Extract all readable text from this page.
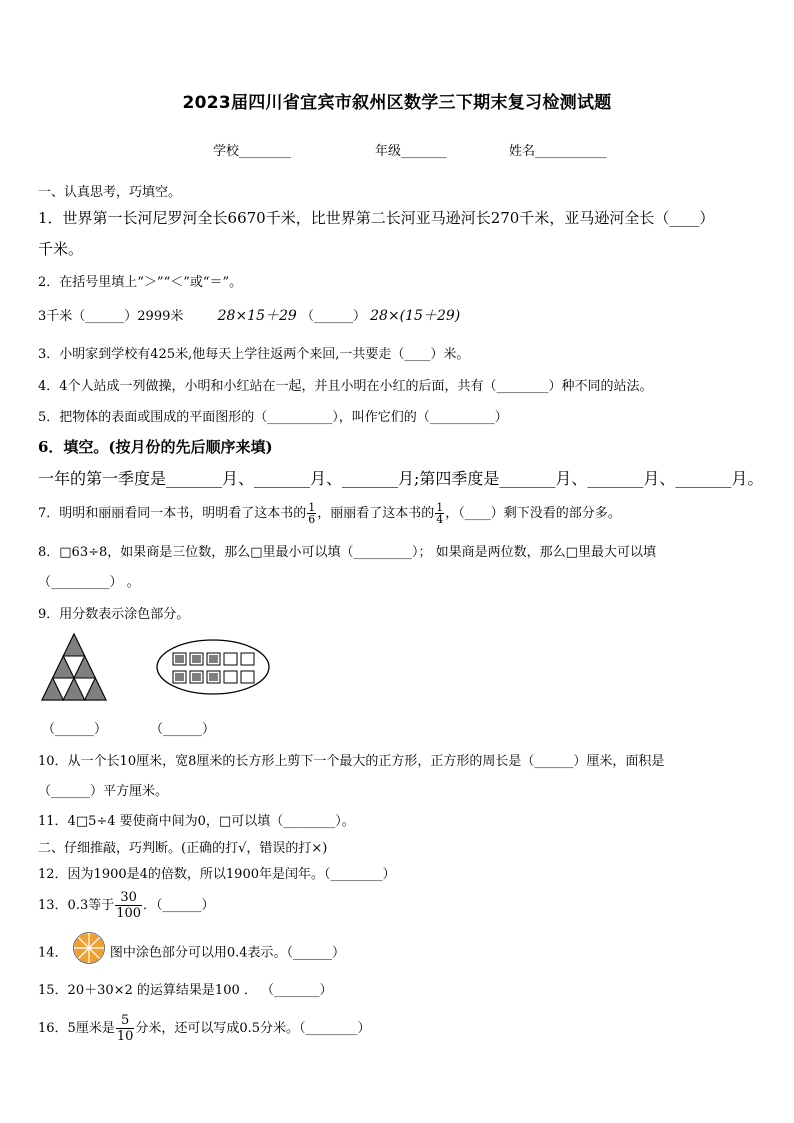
2023届四川省宜宾市叙州区数学三下期末复习检测试题
学校________	年级_______	姓名___________
一、认真思考，巧填空。
1．世界第一长河尼罗河全长6670千米，比世界第二长河亚马逊河长270千米，亚马逊河全长（____）
千米。
2．在括号里填上“＞”“＜”或“＝”。
3千米（______）2999米 28×15＋29 （______） 28×(15＋29)
3．小明家到学校有425米,他每天上学往返两个来回,一共要走（____）米。
4．4个人站成一列做操，小明和小红站在一起，并且小明在小红的后面，共有（________）种不同的站法。
5．把物体的表面或围成的平面图形的（__________），叫作它们的（__________）
6．填空。(按月份的先后顺序来填)
一年的第一季度是_______月、_______月、_______月;第四季度是_______月、_______月、_______月。
7．明明和丽丽看同一本书，明明看了这本书的 $\frac{1}{6}$ ，丽丽看了这本书的 $\frac{1}{4}$ ，（____）剩下没看的部分多。
8．□63÷8，如果商是三位数，那么□里最小可以填（_________）； 如果商是两位数，那么□里最大可以填
（_________） 。
9．用分数表示涂色部分。
（______）	（______）
10．从一个长10厘米，宽8厘米的长方形上剪下一个最大的正方形，正方形的周长是（______）厘米，面积是
（______）平方厘米。
11．4□5÷4 要使商中间为0，□可以填（________）。
二、仔细推敲，巧判断。(正确的打√，错误的打×)
12．因为1900是4的倍数，所以1900年是闰年。（________）
13．0.3等于 $\frac{30}{100}$ ．（______）
14．	图中涂色部分可以用0.4表示。（______）
15．20＋30×2 的运算结果是100 ． （_______）
16．5厘米是 $\frac{5}{10}$ 分米，还可以写成0.5分米。（________）
